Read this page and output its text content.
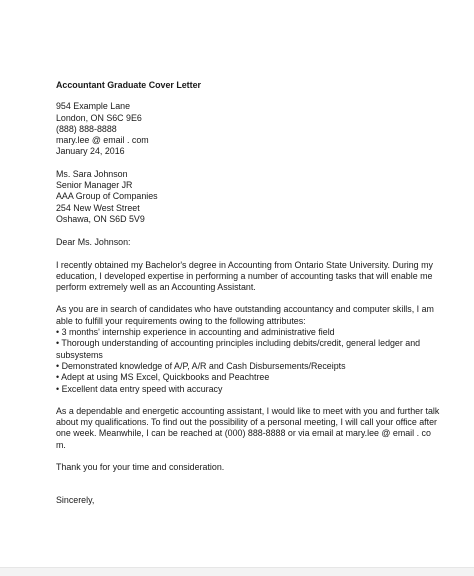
Accountant Graduate Cover Letter
954 Example Lane
London, ON S6C 9E6
(888) 888-8888
mary.lee @ email . com
January 24, 2016
Ms. Sara Johnson
Senior Manager JR
AAA Group of Companies
254 New West Street
Oshawa, ON S6D 5V9
Dear Ms. Johnson:
I recently obtained my Bachelor's degree in Accounting from Ontario State University. During my
education, I developed expertise in performing a number of accounting tasks that will enable me
perform extremely well as an Accounting Assistant.
As you are in search of candidates who have outstanding accountancy and computer skills, I am
able to fulfill your requirements owing to the following attributes:
• 3 months' internship experience in accounting and administrative field
• Thorough understanding of accounting principles including debits/credit, general ledger and
subsystems
• Demonstrated knowledge of A/P, A/R and Cash Disbursements/Receipts
• Adept at using MS Excel, Quickbooks and Peachtree
• Excellent data entry speed with accuracy
As a dependable and energetic accounting assistant, I would like to meet with you and further talk
about my qualifications. To find out the possibility of a personal meeting, I will call your office after
one week. Meanwhile, I can be reached at (000) 888-8888 or via email at mary.lee @ email . co
m.
Thank you for your time and consideration.
Sincerely,
